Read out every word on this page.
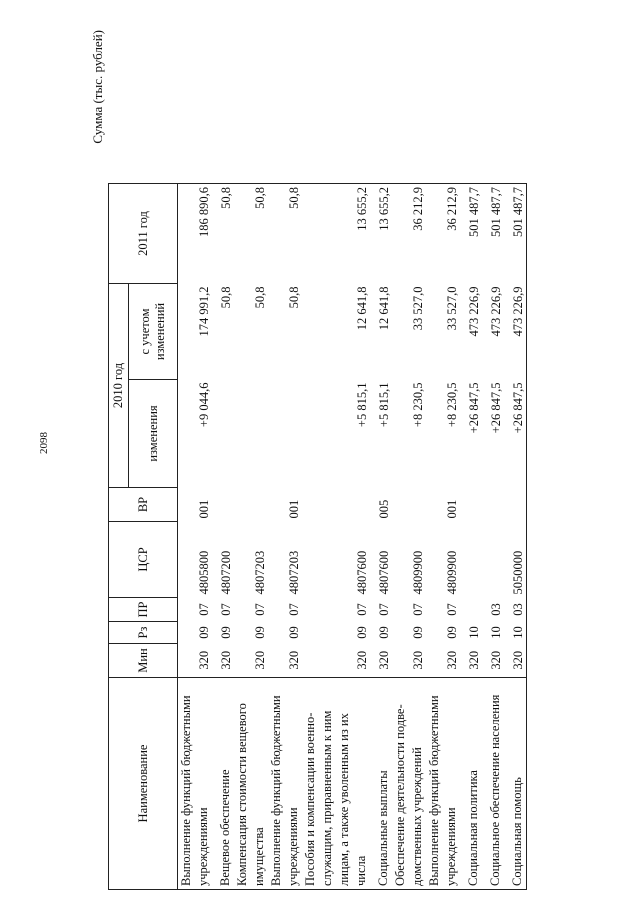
2098
Сумма (тыс. рублей)
Наименование	Мин	Рз	ПР	ЦСР	ВР	2010 год		2011 год
						изменения	с учетом изменений	
Выполнение функций бюджетными учреждениями	320	09	07	4805800	001	+9 044,6	174 991,2	186 890,6
Вещевое обеспечение	320	09	07	4807200			50,8	50,8
Компенсация стоимости вещевого имущества	320	09	07	4807203			50,8	50,8
Выполнение функций бюджетными учреждениями	320	09	07	4807203	001		50,8	50,8
Пособия и компенсации военно-служащим, приравненным к ним лицам, а также уволенным из их числа	320	09	07	4807600		+5 815,1	12 641,8	13 655,2
Социальные выплаты	320	09	07	4807600	005	+5 815,1	12 641,8	13 655,2
Обеспечение деятельности подве-домственных учреждений	320	09	07	4809900		+8 230,5	33 527,0	36 212,9
Выполнение функций бюджетными учреждениями	320	09	07	4809900	001	+8 230,5	33 527,0	36 212,9
Социальная политика	320	10				+26 847,5	473 226,9	501 487,7
Социальное обеспечение населения	320	10	03			+26 847,5	473 226,9	501 487,7
Социальная помощь	320	10	03	5050000		+26 847,5	473 226,9	501 487,7
